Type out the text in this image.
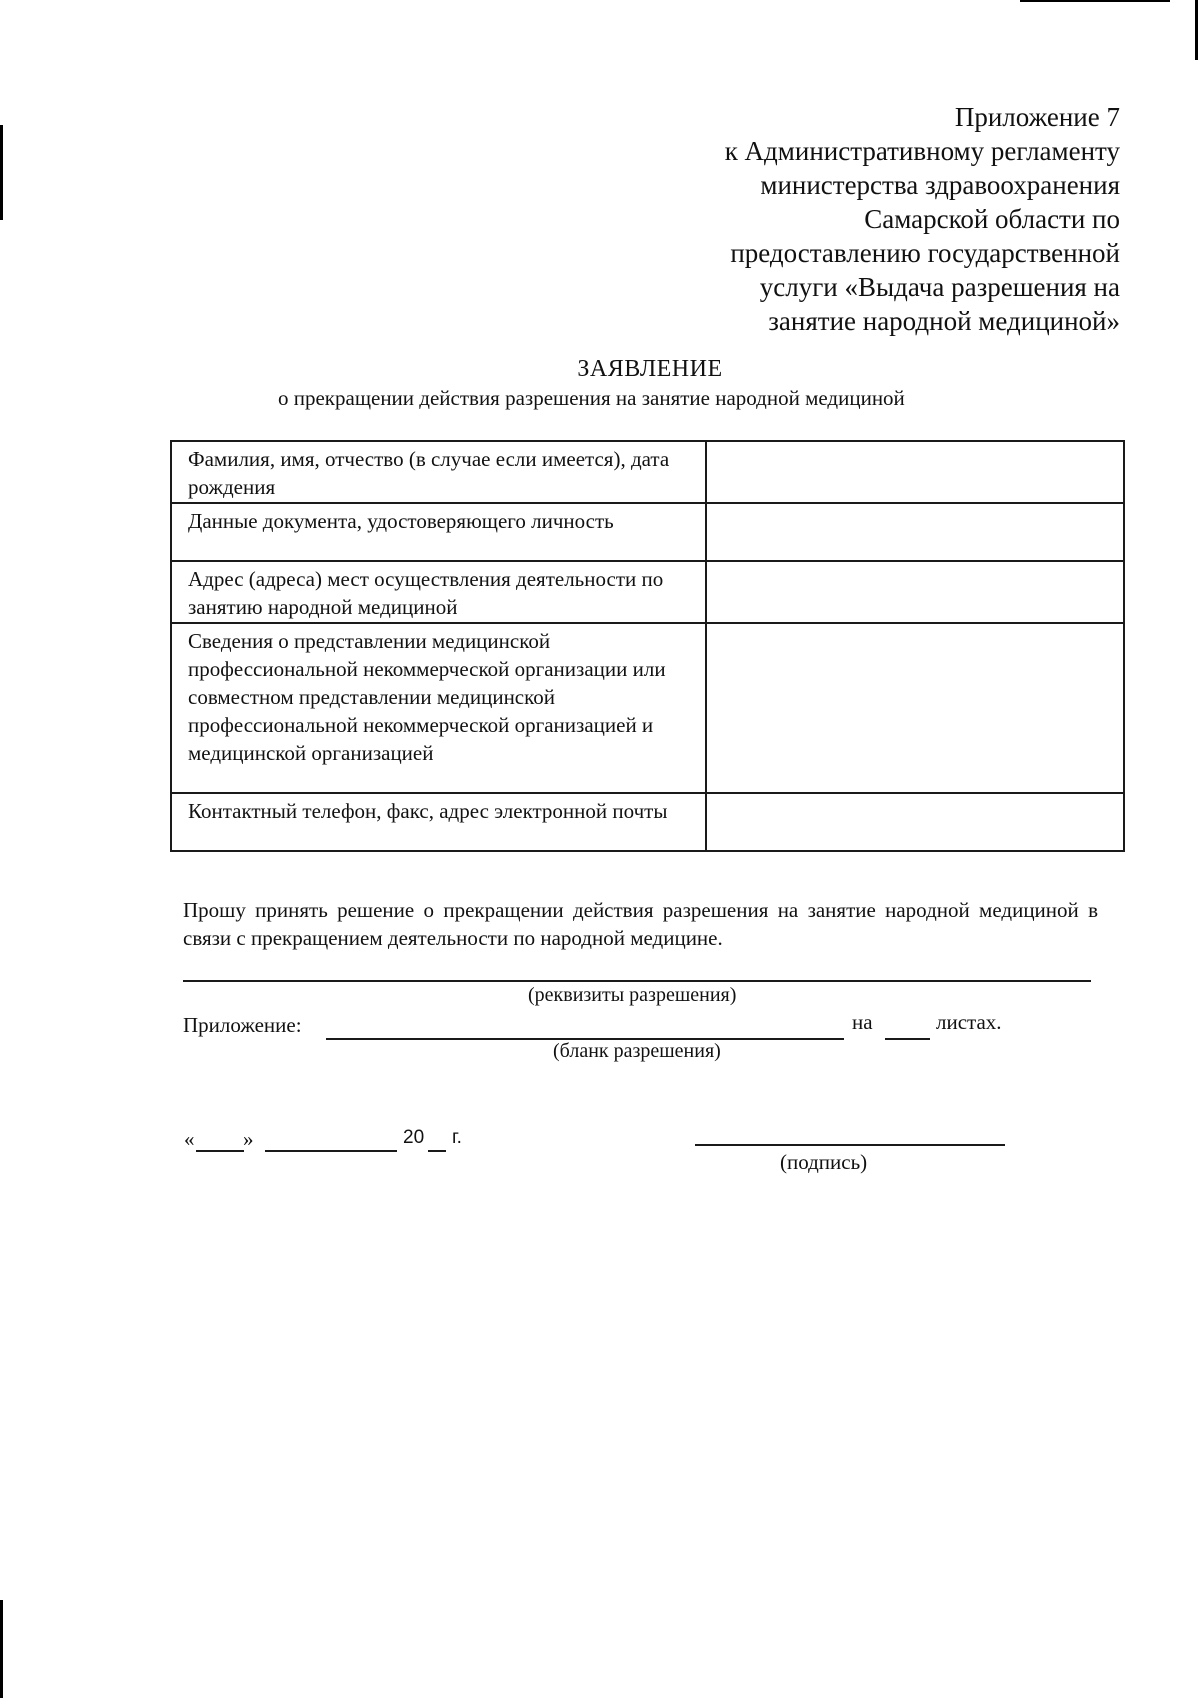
Приложение 7
к Административному регламенту
министерства здравоохранения
Самарской области по
предоставлению государственной
услуги «Выдача разрешения на
занятие народной медициной»
ЗАЯВЛЕНИЕ
о прекращении действия разрешения на занятие народной медициной
Фамилия, имя, отчество (в случае если имеется), дата рождения	
Данные документа, удостоверяющего личность	
Адрес (адреса) мест осуществления деятельности по занятию народной медициной	
Сведения о представлении медицинской профессиональной некоммерческой организации или совместном представлении медицинской профессиональной некоммерческой организацией и медицинской организацией	
Контактный телефон, факс, адрес электронной почты	
Прошу принять решение о прекращении действия разрешения на занятие народной медициной в связи с прекращением деятельности по народной медицине.
(реквизиты разрешения)
Приложение:	на	листах.
(бланк разрешения)
« »	20 г.
(подпись)
